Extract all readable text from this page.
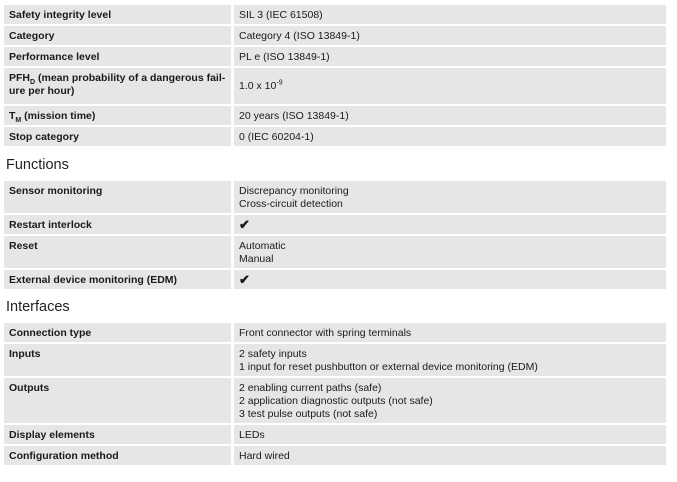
Safety integrity level	SIL 3 (IEC 61508)
Category	Category 4 (ISO 13849-1)
Performance level	PL e (ISO 13849-1)

$PFH_D$ (mean probability of a dangerous fail-
ure per hour)	1.0 x $10^{-9}$
$T_M$ (mission time)	20 years (ISO 13849-1)
Stop category	0 (IEC 60204-1)
Functions
Sensor monitoring	Discrepancy monitoring
Cross-circuit detection

Restart interlock	✔
Reset	Automatic
Manual

External device monitoring (EDM)	✔
Interfaces
Connection type	Front connector with spring terminals

Inputs	2 safety inputs
1 input for reset pushbutton or external device monitoring (EDM)

Outputs	2 enabling current paths (safe)
2 application diagnostic outputs (not safe)
3 test pulse outputs (not safe)

Display elements	LEDs

Configuration method	Hard wired
